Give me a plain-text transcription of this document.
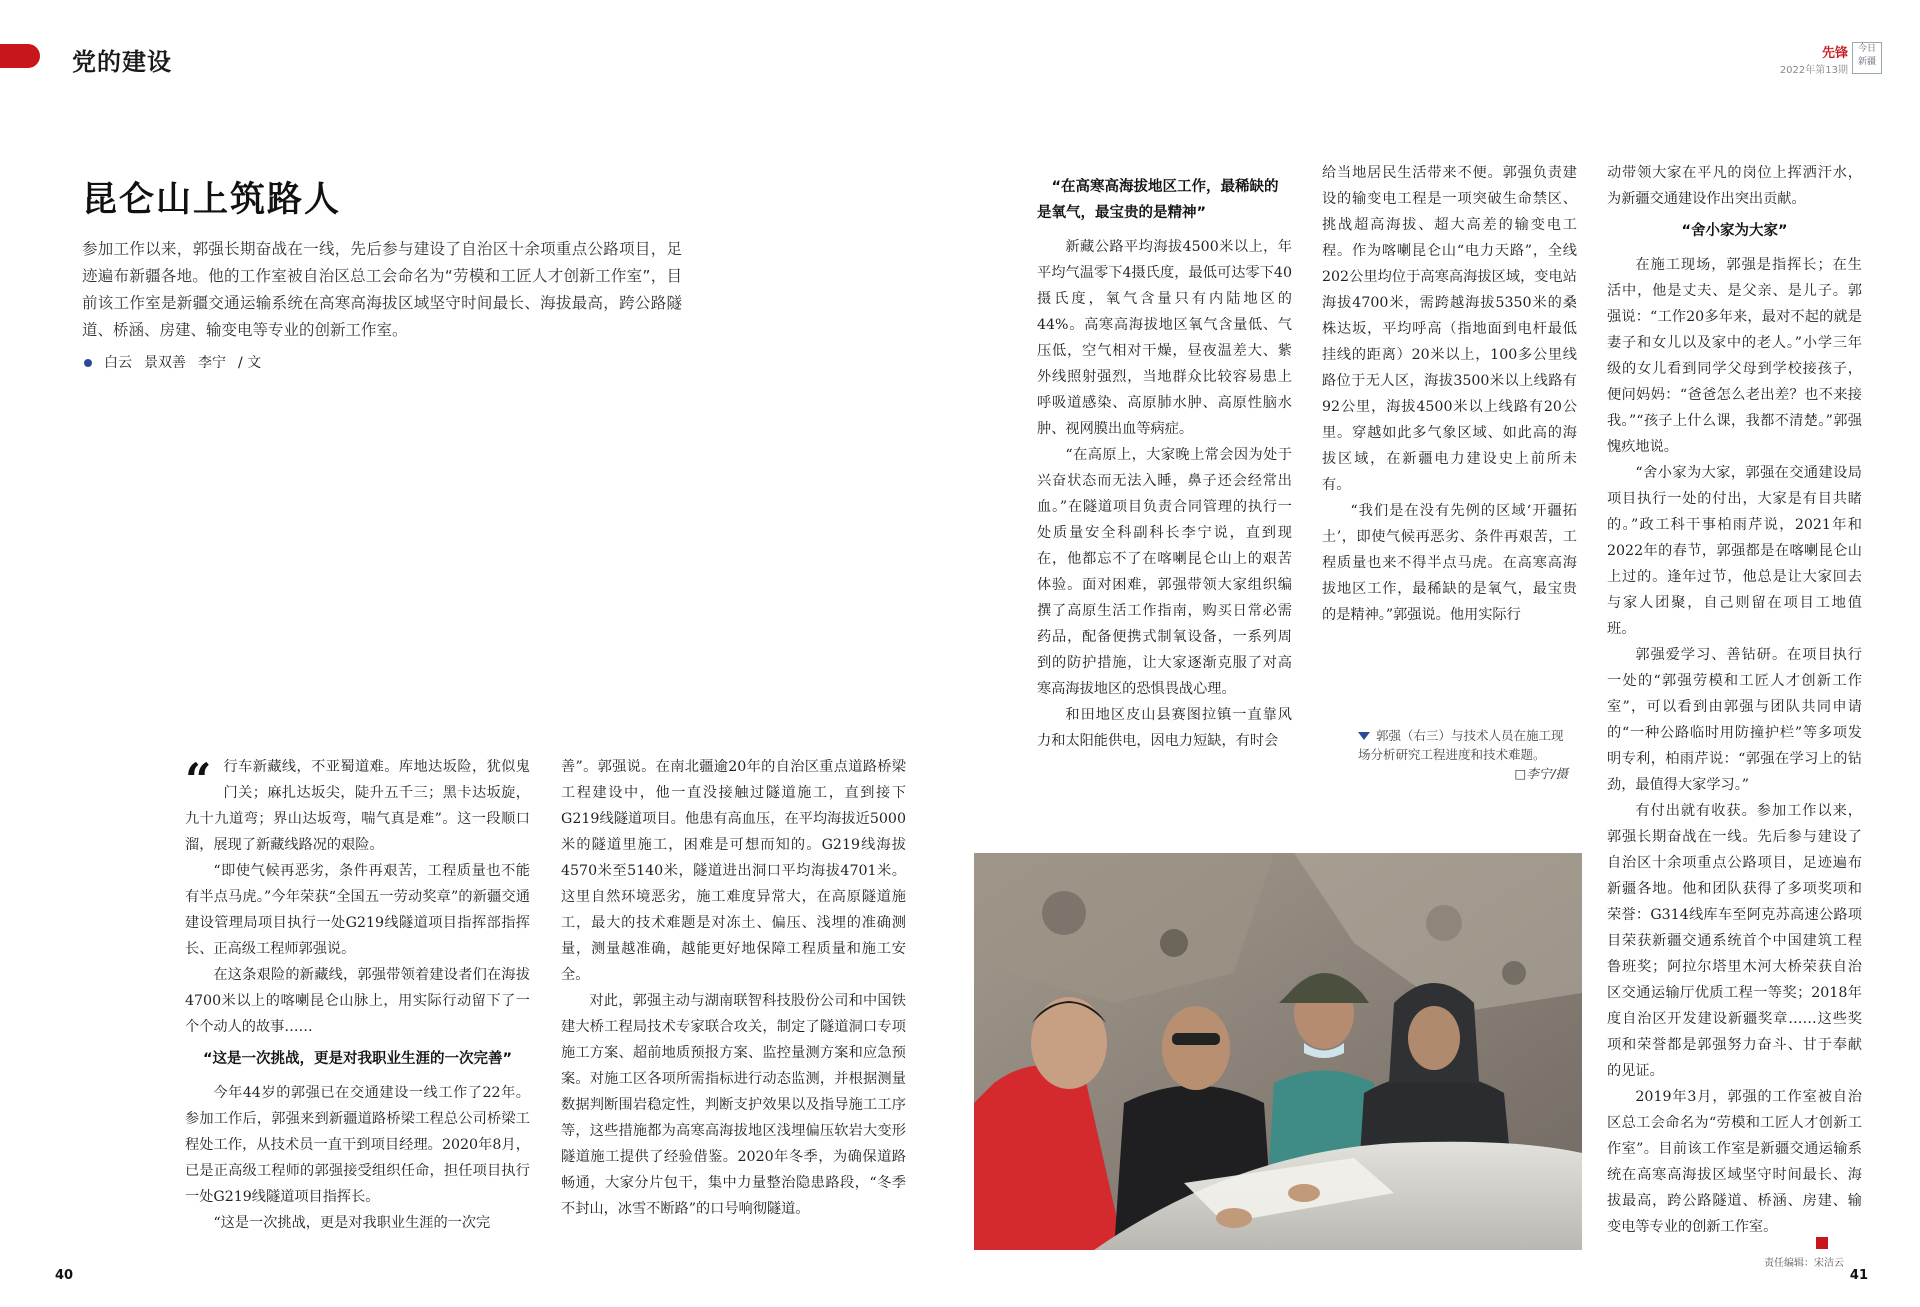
党的建设	先锋
2022年第13期
今日 新疆
昆仑山上筑路人
参加工作以来，郭强长期奋战在一线，先后参与建设了自治区十余项重点公路项目，足迹遍布新疆各地。他的工作室被自治区总工会命名为“劳模和工匠人才创新工作室”，目前该工作室是新疆交通运输系统在高寒高海拔区域坚守时间最长、海拔最高，跨公路隧道、桥涵、房建、输变电等专业的创新工作室。
白云 景双善 李宁 / 文

“ 行车新藏线，不亚蜀道难。库地达坂险，犹似鬼门关；麻扎达坂尖，陡升五千三；黑卡达坂旋，九十九道弯；界山达坂弯，喘气真是难”。这一段顺口溜，展现了新藏线路况的艰险。

“即使气候再恶劣，条件再艰苦，工程质量也不能有半点马虎。”今年荣获“全国五一劳动奖章”的新疆交通建设管理局项目执行一处G219线隧道项目指挥部指挥长、正高级工程师郭强说。

在这条艰险的新藏线，郭强带领着建设者们在海拔4700米以上的喀喇昆仑山脉上，用实际行动留下了一个个动人的故事……

“这是一次挑战，更是对我职业生涯的一次完善”

今年44岁的郭强已在交通建设一线工作了22年。参加工作后，郭强来到新疆道路桥梁工程总公司桥梁工程处工作，从技术员一直干到项目经理。2020年8月，已是正高级工程师的郭强接受组织任命，担任项目执行一处G219线隧道项目指挥长。

“这是一次挑战，更是对我职业生涯的一次完

善”。郭强说。在南北疆逾20年的自治区重点道路桥梁工程建设中，他一直没接触过隧道施工，直到接下G219线隧道项目。他患有高血压，在平均海拔近5000米的隧道里施工，困难是可想而知的。G219线海拔4570米至5140米，隧道进出洞口平均海拔4701米。这里自然环境恶劣，施工难度异常大，在高原隧道施工，最大的技术难题是对冻土、偏压、浅埋的准确测量，测量越准确，越能更好地保障工程质量和施工安全。

对此，郭强主动与湖南联智科技股份公司和中国铁建大桥工程局技术专家联合攻关，制定了隧道洞口专项施工方案、超前地质预报方案、监控量测方案和应急预案。对施工区各项所需指标进行动态监测，并根据测量数据判断围岩稳定性，判断支护效果以及指导施工工序等，这些措施都为高寒高海拔地区浅埋偏压软岩大变形隧道施工提供了经验借鉴。2020年冬季，为确保道路畅通，大家分片包干，集中力量整治隐患路段，“冬季不封山，冰雪不断路”的口号响彻隧道。

“在高寒高海拔地区工作，最稀缺的是氧气，最宝贵的是精神”

新藏公路平均海拔4500米以上，年平均气温零下4摄氏度，最低可达零下40摄氏度，氧气含量只有内陆地区的44%。高寒高海拔地区氧气含量低、气压低，空气相对干燥，昼夜温差大、紫外线照射强烈，当地群众比较容易患上呼吸道感染、高原肺水肿、高原性脑水肿、视网膜出血等病症。

“在高原上，大家晚上常会因为处于兴奋状态而无法入睡，鼻子还会经常出血。”在隧道项目负责合同管理的执行一处质量安全科副科长李宁说，直到现在，他都忘不了在喀喇昆仑山上的艰苦体验。面对困难，郭强带领大家组织编撰了高原生活工作指南，购买日常必需药品，配备便携式制氧设备，一系列周到的防护措施，让大家逐渐克服了对高寒高海拔地区的恐惧畏战心理。

和田地区皮山县赛图拉镇一直靠风力和太阳能供电，因电力短缺，有时会

给当地居民生活带来不便。郭强负责建设的输变电工程是一项突破生命禁区、挑战超高海拔、超大高差的输变电工程。作为喀喇昆仑山“电力天路”，全线202公里均位于高寒高海拔区域，变电站海拔4700米，需跨越海拔5350米的桑株达坂，平均呼高（指地面到电杆最低挂线的距离）20米以上，100多公里线路位于无人区，海拔3500米以上线路有92公里，海拔4500米以上线路有20公里。穿越如此多气象区域、如此高的海拔区域，在新疆电力建设史上前所未有。

“我们是在没有先例的区域‘开疆拓土’，即使气候再恶劣、条件再艰苦，工程质量也来不得半点马虎。在高寒高海拔地区工作，最稀缺的是氧气，最宝贵的是精神。”郭强说。他用实际行

郭强（右三）与技术人员在施工现场分析研究工程进度和技术难题。
□李宁/摄

动带领大家在平凡的岗位上挥洒汗水，为新疆交通建设作出突出贡献。

“舍小家为大家”

在施工现场，郭强是指挥长；在生活中，他是丈夫、是父亲、是儿子。郭强说：“工作20多年来，最对不起的就是妻子和女儿以及家中的老人。”小学三年级的女儿看到同学父母到学校接孩子，便问妈妈：“爸爸怎么老出差？也不来接我。”“孩子上什么课，我都不清楚。”郭强愧疚地说。

“舍小家为大家，郭强在交通建设局项目执行一处的付出，大家是有目共睹的。”政工科干事柏雨芹说，2021年和2022年的春节，郭强都是在喀喇昆仑山上过的。逢年过节，他总是让大家回去与家人团聚，自己则留在项目工地值班。

郭强爱学习、善钻研。在项目执行一处的“郭强劳模和工匠人才创新工作室”，可以看到由郭强与团队共同申请的“一种公路临时用防撞护栏”等多项发明专利，柏雨芹说：“郭强在学习上的钻劲，最值得大家学习。”

有付出就有收获。参加工作以来，郭强长期奋战在一线。先后参与建设了自治区十余项重点公路项目，足迹遍布新疆各地。他和团队获得了多项奖项和荣誉：G314线库车至阿克苏高速公路项目荣获新疆交通系统首个中国建筑工程鲁班奖；阿拉尔塔里木河大桥荣获自治区交通运输厅优质工程一等奖；2018年度自治区开发建设新疆奖章……这些奖项和荣誉都是郭强努力奋斗、甘于奉献的见证。

2019年3月，郭强的工作室被自治区总工会命名为“劳模和工匠人才创新工作室”。目前该工作室是新疆交通运输系统在高寒高海拔区域坚守时间最长、海拔最高，跨公路隧道、桥涵、房建、输变电等专业的创新工作室。

40	41
责任编辑：宋洁云
